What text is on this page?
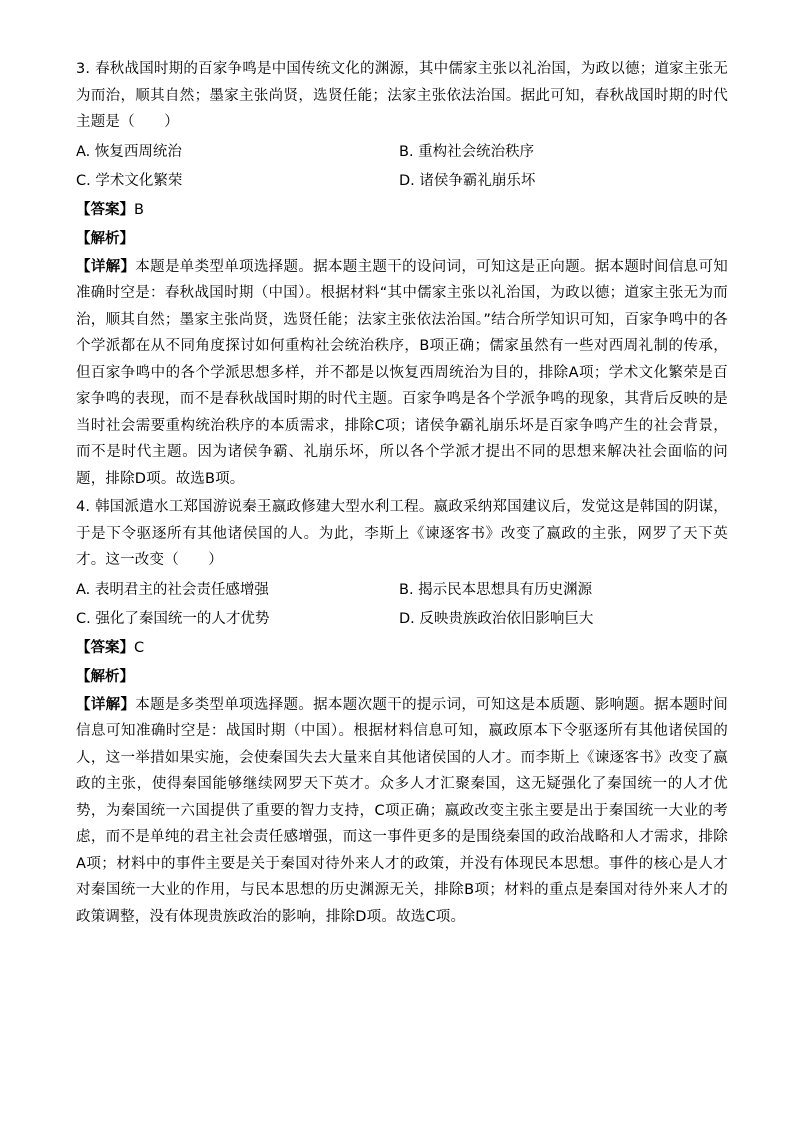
3. 春秋战国时期的百家争鸣是中国传统文化的渊源，其中儒家主张以礼治国，为政以德；道家主张无为而治，顺其自然；墨家主张尚贤，选贤任能；法家主张依法治国。据此可知，春秋战国时期的时代主题是（　　）

A. 恢复西周统治	B. 重构社会统治秩序

C. 学术文化繁荣	D. 诸侯争霸礼崩乐坏

【答案】B

【解析】

【详解】本题是单类型单项选择题。据本题主题干的设问词，可知这是正向题。据本题时间信息可知准确时空是：春秋战国时期（中国）。根据材料“其中儒家主张以礼治国，为政以德；道家主张无为而治，顺其自然；墨家主张尚贤，选贤任能；法家主张依法治国。”结合所学知识可知，百家争鸣中的各个学派都在从不同角度探讨如何重构社会统治秩序，B项正确；儒家虽然有一些对西周礼制的传承，但百家争鸣中的各个学派思想多样，并不都是以恢复西周统治为目的，排除A项；学术文化繁荣是百家争鸣的表现，而不是春秋战国时期的时代主题。百家争鸣是各个学派争鸣的现象，其背后反映的是当时社会需要重构统治秩序的本质需求，排除C项；诸侯争霸礼崩乐坏是百家争鸣产生的社会背景，而不是时代主题。因为诸侯争霸、礼崩乐坏，所以各个学派才提出不同的思想来解决社会面临的问题，排除D项。故选B项。

4. 韩国派遣水工郑国游说秦王嬴政修建大型水利工程。嬴政采纳郑国建议后，发觉这是韩国的阴谋，于是下令驱逐所有其他诸侯国的人。为此，李斯上《谏逐客书》改变了嬴政的主张，网罗了天下英才。这一改变（　　）

A. 表明君主的社会责任感增强	B. 揭示民本思想具有历史渊源

C. 强化了秦国统一的人才优势	D. 反映贵族政治依旧影响巨大

【答案】C

【解析】

【详解】本题是多类型单项选择题。据本题次题干的提示词，可知这是本质题、影响题。据本题时间信息可知准确时空是：战国时期（中国）。根据材料信息可知，嬴政原本下令驱逐所有其他诸侯国的人，这一举措如果实施，会使秦国失去大量来自其他诸侯国的人才。而李斯上《谏逐客书》改变了嬴政的主张，使得秦国能够继续网罗天下英才。众多人才汇聚秦国，这无疑强化了秦国统一的人才优势，为秦国统一六国提供了重要的智力支持，C项正确；嬴政改变主张主要是出于秦国统一大业的考虑，而不是单纯的君主社会责任感增强，而这一事件更多的是围绕秦国的政治战略和人才需求，排除A项；材料中的事件主要是关于秦国对待外来人才的政策，并没有体现民本思想。事件的核心是人才对秦国统一大业的作用，与民本思想的历史渊源无关，排除B项；材料的重点是秦国对待外来人才的政策调整，没有体现贵族政治的影响，排除D项。故选C项。
